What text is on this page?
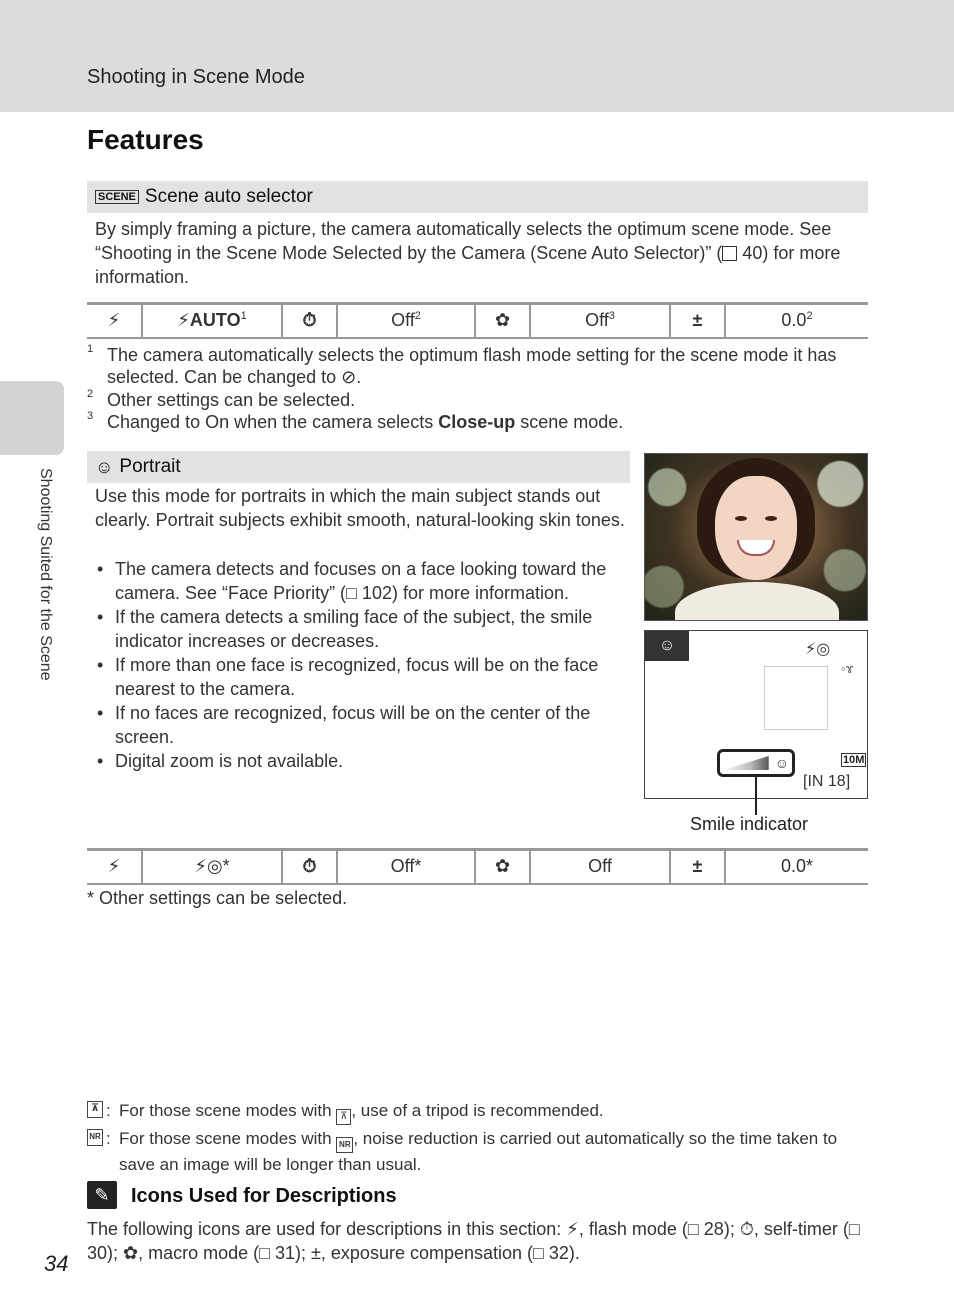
Shooting in Scene Mode
Features
Shooting Suited for the Scene
SCENE Scene auto selector
By simply framing a picture, the camera automatically selects the optimum scene mode. See “Shooting in the Scene Mode Selected by the Camera (Scene Auto Selector)” ( 40) for more information.
⚡	⚡AUTO$^1$	⏱	Off$^2$	✿	Off$^3$	±	$0.0^2$
1 The camera automatically selects the optimum flash mode setting for the scene mode it has selected. Can be changed to ⊘.
2 Other settings can be selected.
3 Changed to On when the camera selects Close-up scene mode.
☺ Portrait
Use this mode for portraits in which the main subject stands out clearly. Portrait subjects exhibit smooth, natural-looking skin tones.
• The camera detects and focuses on a face looking toward the camera. See “Face Priority” (□ 102) for more information.
• If the camera detects a smiling face of the subject, the smile indicator increases or decreases.
• If more than one face is recognized, focus will be on the face nearest to the camera.
• If no faces are recognized, focus will be on the center of the screen.
• Digital zoom is not available.
☺	⚡◎
◦ɤ
☺	10M
[IN 18]
Smile indicator
⚡	⚡◎*	⏱	Off*	✿	Off	±	0.0*
* Other settings can be selected.
⊼ : For those scene modes with ⊼ , use of a tripod is recommended.
NR : For those scene modes with NR , noise reduction is carried out automatically so the time taken to save an image will be longer than usual.
✎	Icons Used for Descriptions
The following icons are used for descriptions in this section: ⚡, flash mode (□ 28); ⏱, self-timer (□ 30); ✿, macro mode (□ 31); ±, exposure compensation (□ 32).
34
